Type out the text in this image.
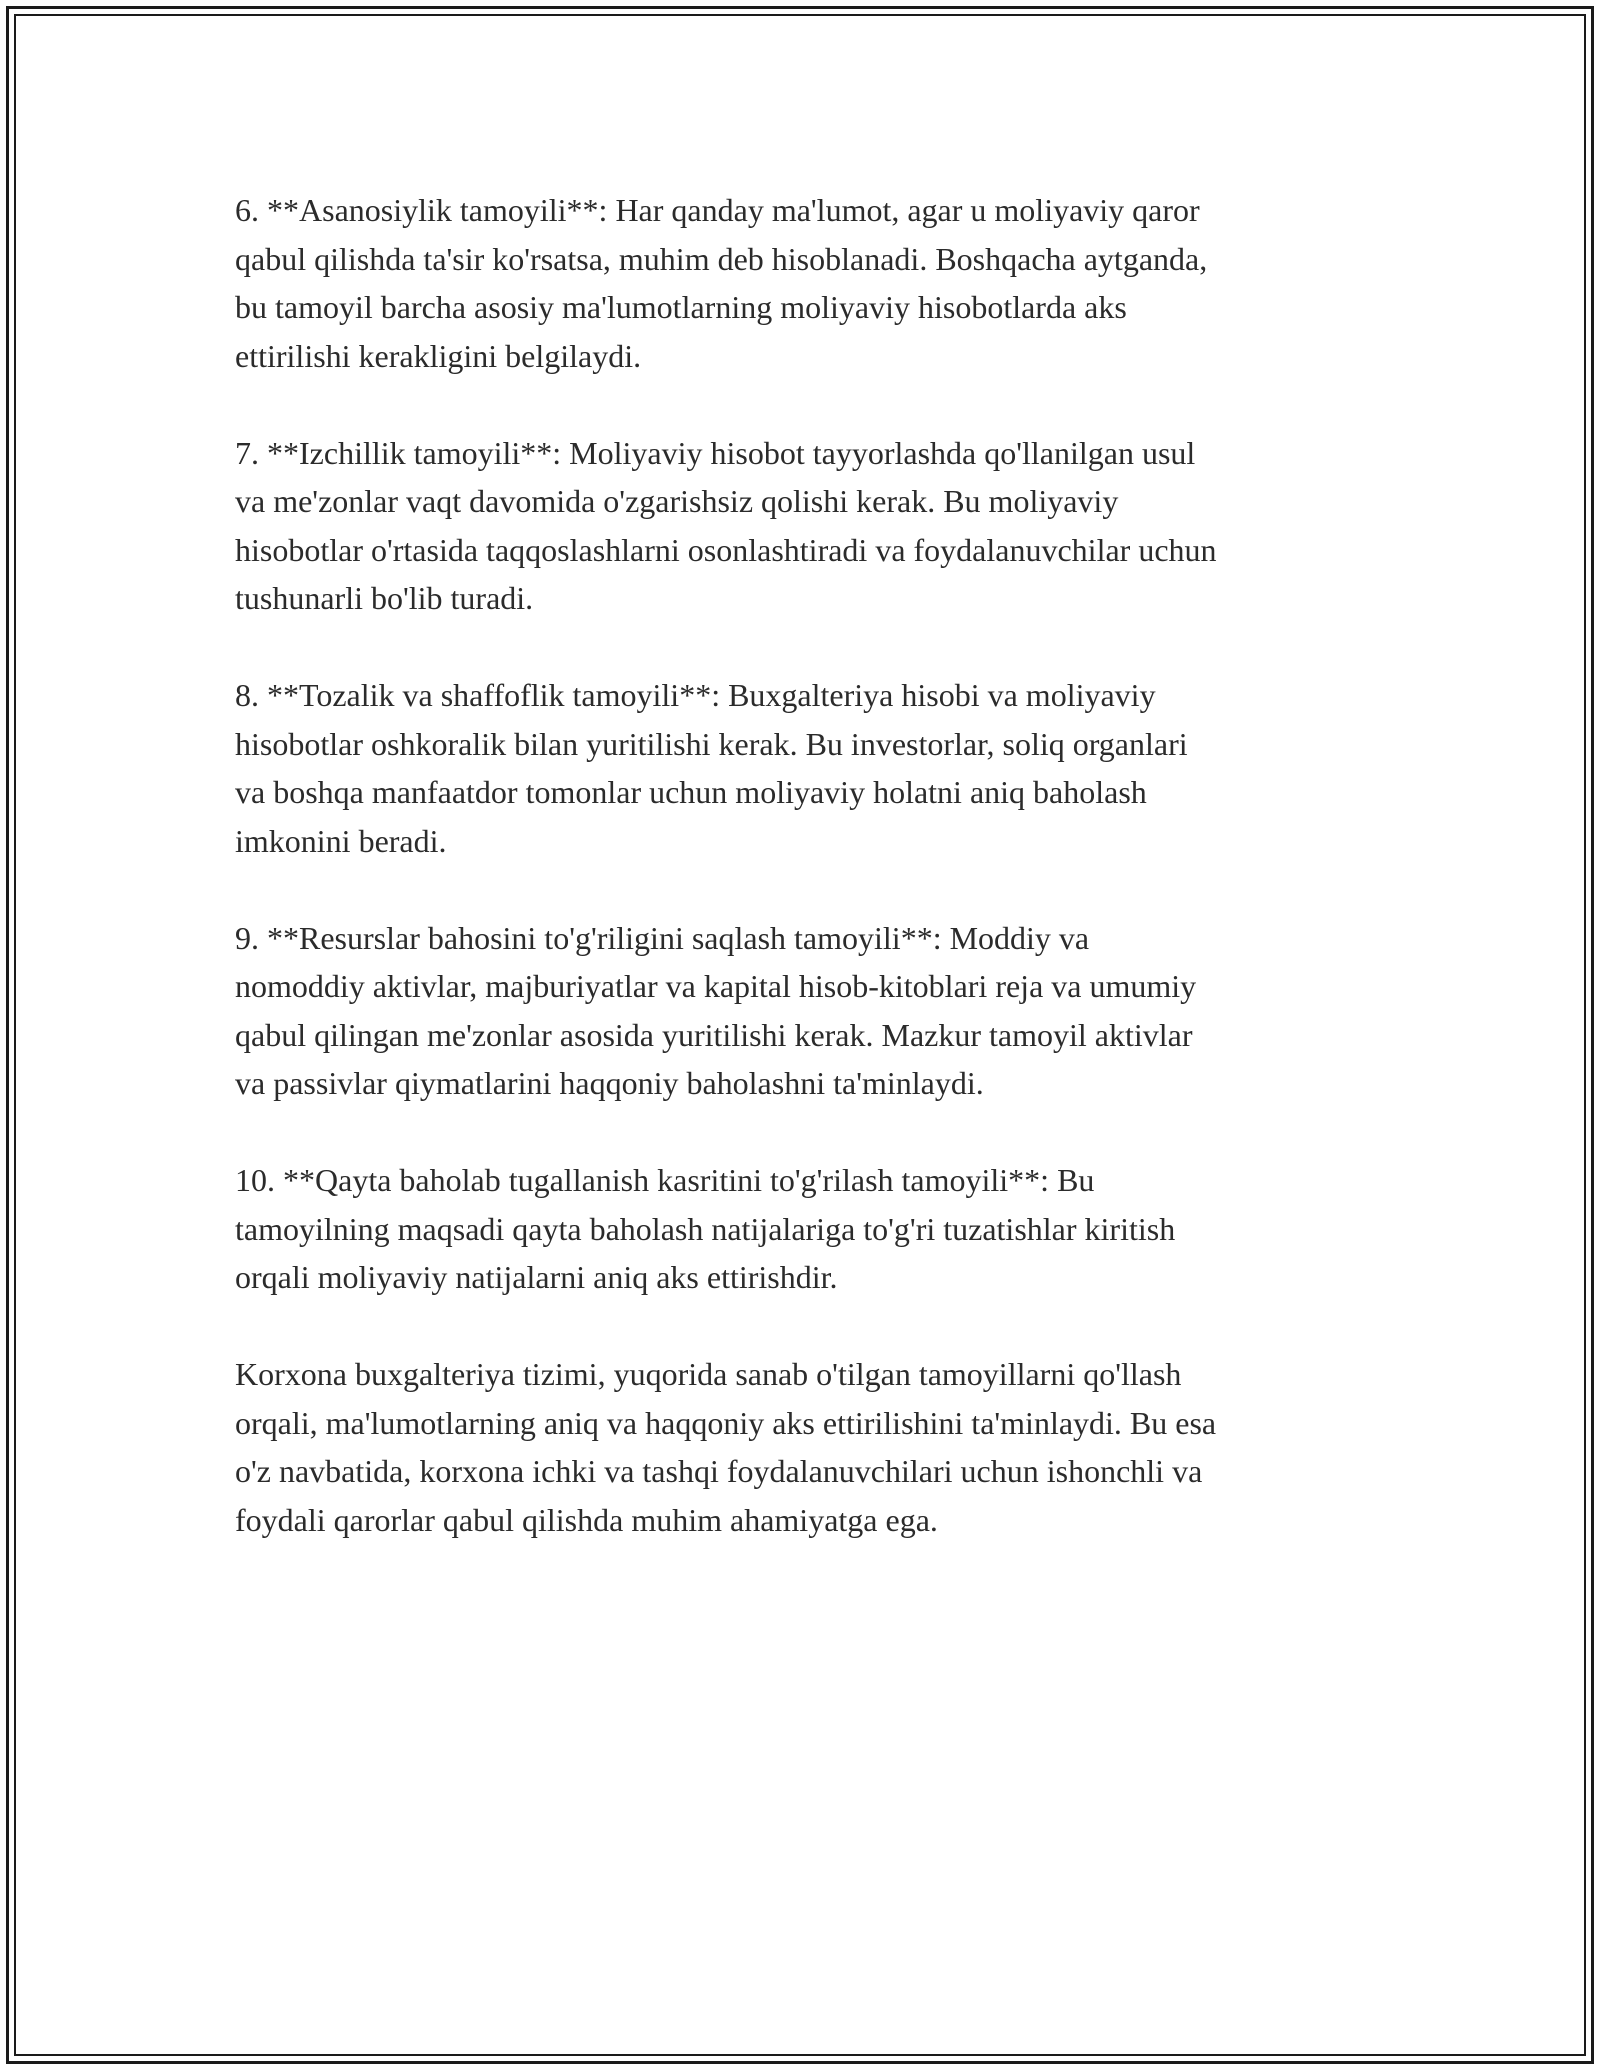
6. **Asanosiylik tamoyili**: Har qanday ma'lumot, agar u moliyaviy qaror
qabul qilishda ta'sir ko'rsatsa, muhim deb hisoblanadi. Boshqacha aytganda,
bu tamoyil barcha asosiy ma'lumotlarning moliyaviy hisobotlarda aks
ettirilishi kerakligini belgilaydi.

7. **Izchillik tamoyili**: Moliyaviy hisobot tayyorlashda qo'llanilgan usul
va me'zonlar vaqt davomida o'zgarishsiz qolishi kerak. Bu moliyaviy
hisobotlar o'rtasida taqqoslashlarni osonlashtiradi va foydalanuvchilar uchun
tushunarli bo'lib turadi.

8. **Tozalik va shaffoflik tamoyili**: Buxgalteriya hisobi va moliyaviy
hisobotlar oshkoralik bilan yuritilishi kerak. Bu investorlar, soliq organlari
va boshqa manfaatdor tomonlar uchun moliyaviy holatni aniq baholash
imkonini beradi.

9. **Resurslar bahosini to'g'riligini saqlash tamoyili**: Moddiy va
nomoddiy aktivlar, majburiyatlar va kapital hisob-kitoblari reja va umumiy
qabul qilingan me'zonlar asosida yuritilishi kerak. Mazkur tamoyil aktivlar
va passivlar qiymatlarini haqqoniy baholashni ta'minlaydi.

10. **Qayta baholab tugallanish kasritini to'g'rilash tamoyili**: Bu
tamoyilning maqsadi qayta baholash natijalariga to'g'ri tuzatishlar kiritish
orqali moliyaviy natijalarni aniq aks ettirishdir.

Korxona buxgalteriya tizimi, yuqorida sanab o'tilgan tamoyillarni qo'llash
orqali, ma'lumotlarning aniq va haqqoniy aks ettirilishini ta'minlaydi. Bu esa
o'z navbatida, korxona ichki va tashqi foydalanuvchilari uchun ishonchli va
foydali qarorlar qabul qilishda muhim ahamiyatga ega.
